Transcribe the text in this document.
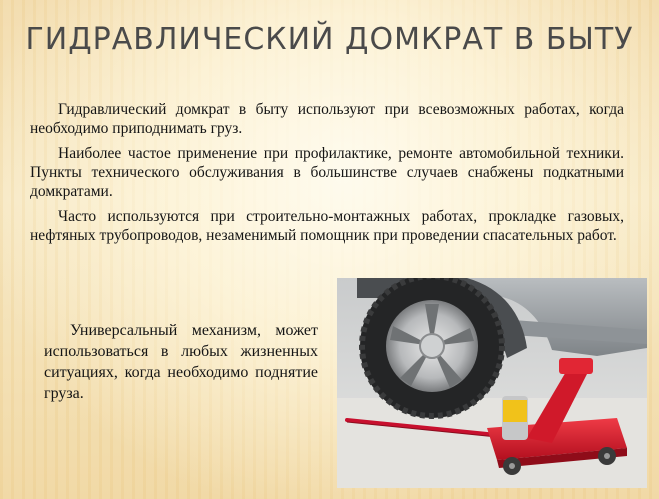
ГИДРАВЛИЧЕСКИЙ ДОМКРАТ В БЫТУ

Гидравлический домкрат в быту используют при всевозможных работах, когда необходимо приподнимать груз.

Наиболее частое применение при профилактике, ремонте автомобильной техники. Пункты технического обслуживания в большинстве случаев снабжены подкатными домкратами.

Часто используются при строительно-монтажных работах, прокладке газовых, нефтяных трубопроводов, незаменимый помощник при проведении спасательных работ.

Универсальный механизм, может использоваться в любых жизненных ситуациях, когда необходимо поднятие груза.
